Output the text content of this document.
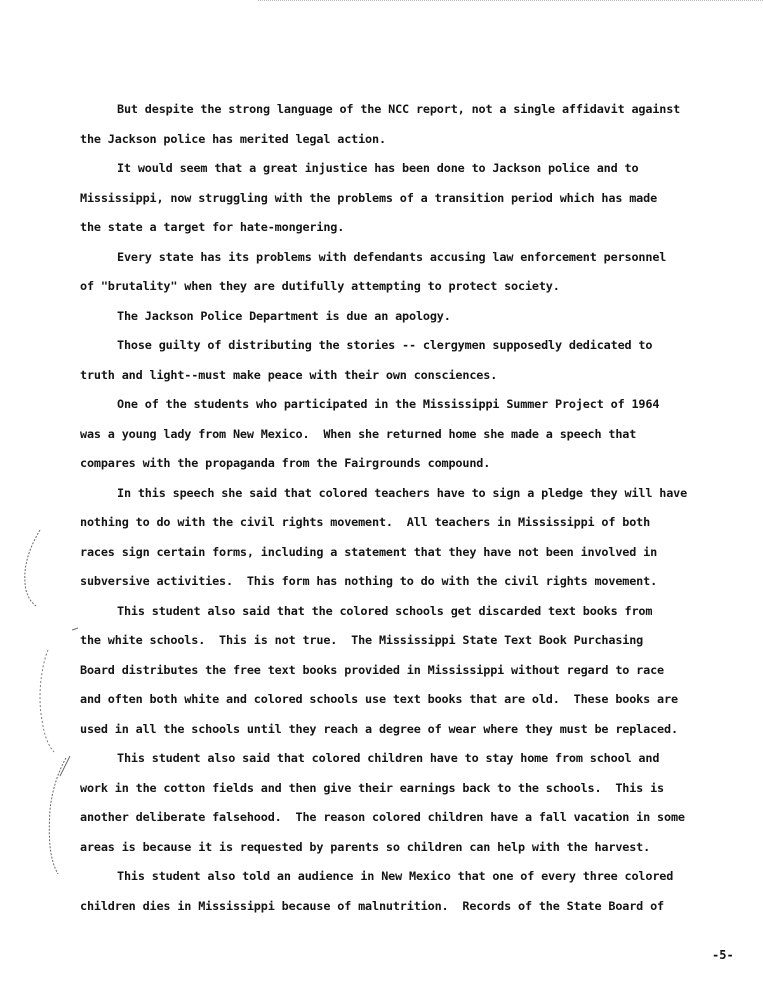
But despite the strong language of the NCC report, not a single affidavit against
the Jackson police has merited legal action.
It would seem that a great injustice has been done to Jackson police and to
Mississippi, now struggling with the problems of a transition period which has made
the state a target for hate-mongering.
Every state has its problems with defendants accusing law enforcement personnel
of "brutality" when they are dutifully attempting to protect society.
The Jackson Police Department is due an apology.
Those guilty of distributing the stories -- clergymen supposedly dedicated to
truth and light--must make peace with their own consciences.
One of the students who participated in the Mississippi Summer Project of 1964
was a young lady from New Mexico.  When she returned home she made a speech that
compares with the propaganda from the Fairgrounds compound.
In this speech she said that colored teachers have to sign a pledge they will have
nothing to do with the civil rights movement.  All teachers in Mississippi of both
races sign certain forms, including a statement that they have not been involved in
subversive activities.  This form has nothing to do with the civil rights movement.
This student also said that the colored schools get discarded text books from
the white schools.  This is not true.  The Mississippi State Text Book Purchasing
Board distributes the free text books provided in Mississippi without regard to race
and often both white and colored schools use text books that are old.  These books are
used in all the schools until they reach a degree of wear where they must be replaced.
This student also said that colored children have to stay home from school and
work in the cotton fields and then give their earnings back to the schools.  This is
another deliberate falsehood.  The reason colored children have a fall vacation in some
areas is because it is requested by parents so children can help with the harvest.
This student also told an audience in New Mexico that one of every three colored
children dies in Mississippi because of malnutrition.  Records of the State Board of
-5-
